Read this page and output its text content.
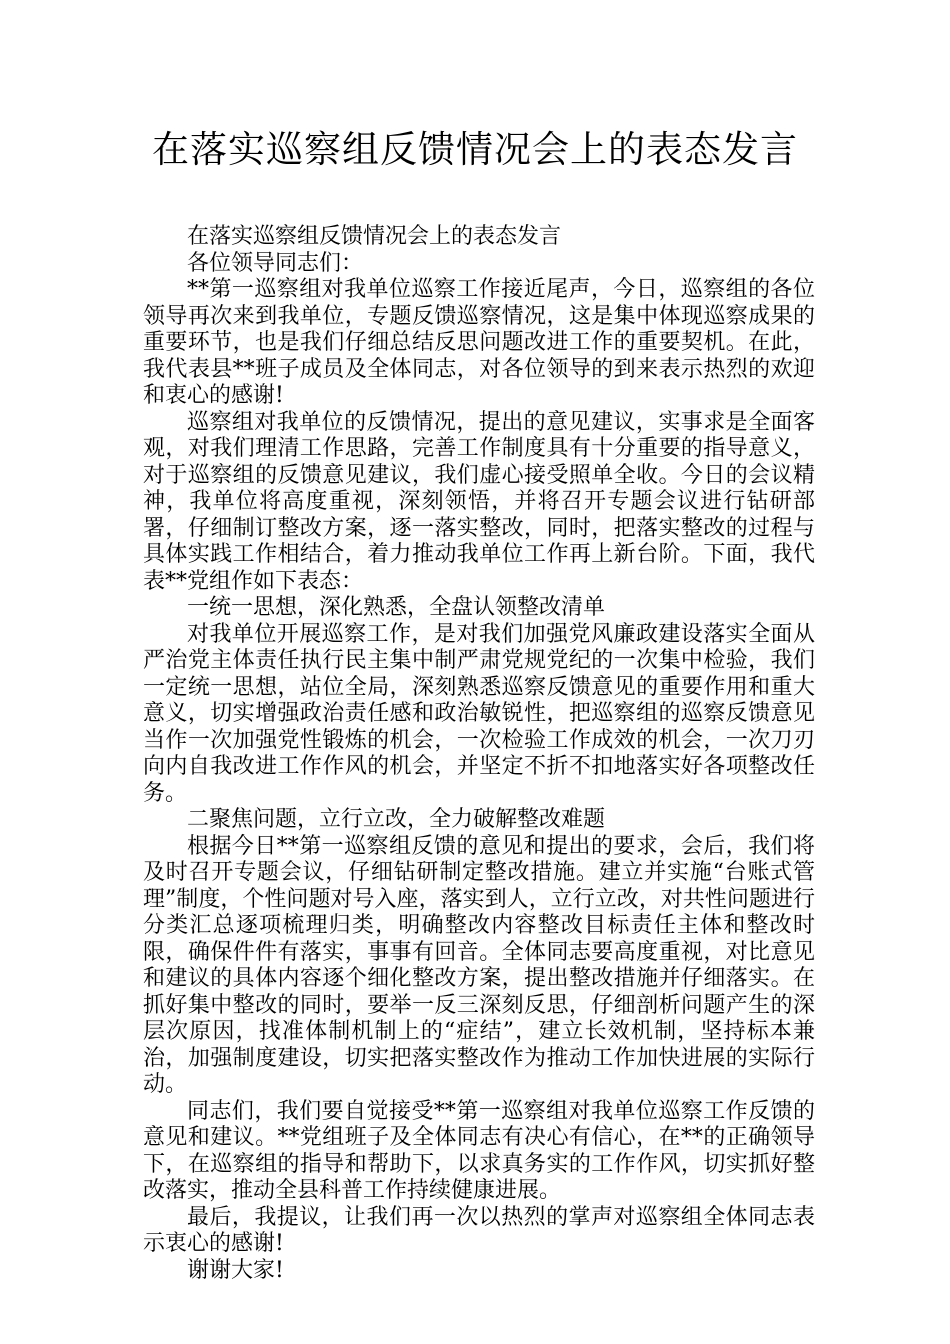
在落实巡察组反馈情况会上的表态发言

在落实巡察组反馈情况会上的表态发言

各位领导同志们：

**第一巡察组对我单位巡察工作接近尾声，今日，巡察组的各位领导再次来到我单位，专题反馈巡察情况，这是集中体现巡察成果的重要环节，也是我们仔细总结反思问题改进工作的重要契机。在此，我代表县**班子成员及全体同志，对各位领导的到来表示热烈的欢迎和衷心的感谢!

巡察组对我单位的反馈情况，提出的意见建议，实事求是全面客观，对我们理清工作思路，完善工作制度具有十分重要的指导意义，对于巡察组的反馈意见建议，我们虚心接受照单全收。今日的会议精神，我单位将高度重视，深刻领悟，并将召开专题会议进行钻研部署，仔细制订整改方案，逐一落实整改，同时，把落实整改的过程与具体实践工作相结合，着力推动我单位工作再上新台阶。下面，我代表**党组作如下表态：

一统一思想，深化熟悉，全盘认领整改清单

对我单位开展巡察工作，是对我们加强党风廉政建设落实全面从严治党主体责任执行民主集中制严肃党规党纪的一次集中检验，我们一定统一思想，站位全局，深刻熟悉巡察反馈意见的重要作用和重大意义，切实增强政治责任感和政治敏锐性，把巡察组的巡察反馈意见当作一次加强党性锻炼的机会，一次检验工作成效的机会，一次刀刃向内自我改进工作作风的机会，并坚定不折不扣地落实好各项整改任务。

二聚焦问题，立行立改，全力破解整改难题

根据今日**第一巡察组反馈的意见和提出的要求，会后，我们将及时召开专题会议，仔细钻研制定整改措施。建立并实施“台账式管理”制度，个性问题对号入座，落实到人，立行立改，对共性问题进行分类汇总逐项梳理归类，明确整改内容整改目标责任主体和整改时限，确保件件有落实，事事有回音。全体同志要高度重视，对比意见和建议的具体内容逐个细化整改方案，提出整改措施并仔细落实。在抓好集中整改的同时，要举一反三深刻反思，仔细剖析问题产生的深层次原因，找准体制机制上的“症结”，建立长效机制，坚持标本兼治，加强制度建设，切实把落实整改作为推动工作加快进展的实际行动。

同志们，我们要自觉接受**第一巡察组对我单位巡察工作反馈的意见和建议。**党组班子及全体同志有决心有信心，在**的正确领导下，在巡察组的指导和帮助下，以求真务实的工作作风，切实抓好整改落实，推动全县科普工作持续健康进展。

最后，我提议，让我们再一次以热烈的掌声对巡察组全体同志表示衷心的感谢!

谢谢大家!
